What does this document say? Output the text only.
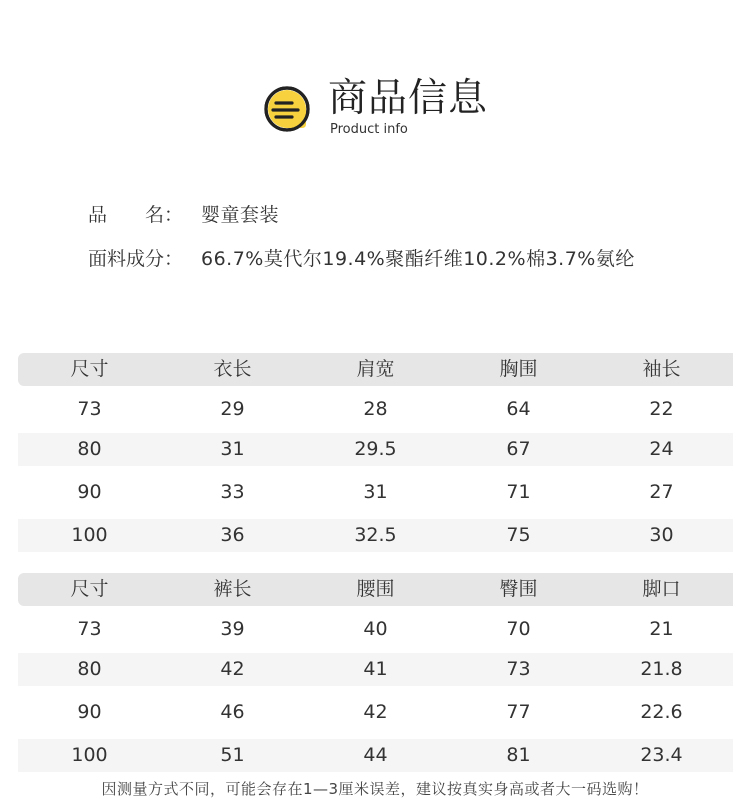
商品信息
Product info
品　　名： 婴童套装
面料成分： 66.7%莫代尔19.4%聚酯纤维10.2%棉3.7%氨纶
尺寸	衣长	肩宽	胸围	袖长
73	29	28	64	22
80	31	29.5	67	24
90	33	31	71	27
100	36	32.5	75	30
尺寸	裤长	腰围	臀围	脚口
73	39	40	70	21
80	42	41	73	21.8
90	46	42	77	22.6
100	51	44	81	23.4
因测量方式不同，可能会存在1—3厘米误差，建议按真实身高或者大一码选购！
